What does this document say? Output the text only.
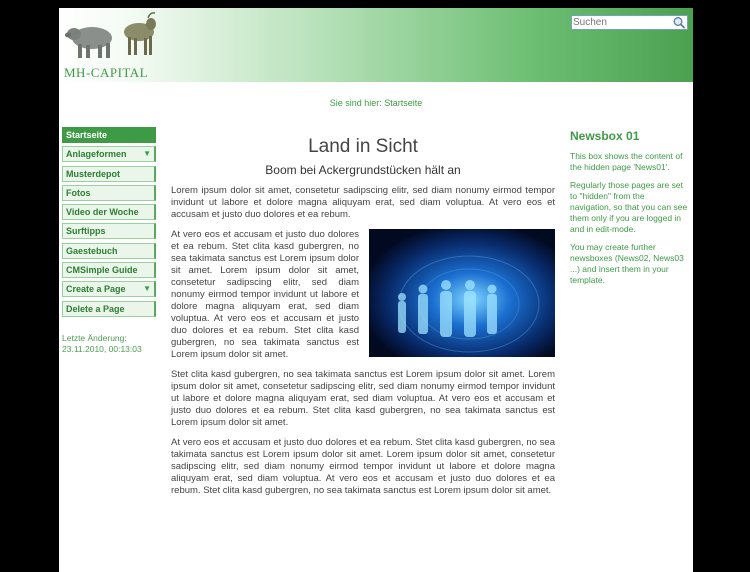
MH-CAPITAL
Suchen
Sie sind hier: Startseite
Startseite
Anlageformen ▼
Musterdepot
Fotos
Video der Woche
Surftipps
Gaestebuch
CMSimple Guide
Create a Page ▼
Delete a Page
Letzte Änderung:
23.11.2010, 00:13:03
Land in Sicht
Boom bei Ackergrundstücken hält an

Lorem ipsum dolor sit amet, consetetur sadipscing elitr, sed diam nonumy eirmod tempor invidunt ut labore et dolore magna aliquyam erat, sed diam voluptua. At vero eos et accusam et justo duo dolores et ea rebum.

At vero eos et accusam et justo duo dolores et ea rebum. Stet clita kasd gubergren, no sea takimata sanctus est Lorem ipsum dolor sit amet. Lorem ipsum dolor sit amet, consetetur sadipscing elitr, sed diam nonumy eirmod tempor invidunt ut labore et dolore magna aliquyam erat, sed diam voluptua. At vero eos et accusam et justo duo dolores et ea rebum. Stet clita kasd gubergren, no sea takimata sanctus est Lorem ipsum dolor sit amet.

Stet clita kasd gubergren, no sea takimata sanctus est Lorem ipsum dolor sit amet. Lorem ipsum dolor sit amet, consetetur sadipscing elitr, sed diam nonumy eirmod tempor invidunt ut labore et dolore magna aliquyam erat, sed diam voluptua. At vero eos et accusam et justo duo dolores et ea rebum. Stet clita kasd gubergren, no sea takimata sanctus est Lorem ipsum dolor sit amet.

At vero eos et accusam et justo duo dolores et ea rebum. Stet clita kasd gubergren, no sea takimata sanctus est Lorem ipsum dolor sit amet. Lorem ipsum dolor sit amet, consetetur sadipscing elitr, sed diam nonumy eirmod tempor invidunt ut labore et dolore magna aliquyam erat, sed diam voluptua. At vero eos et accusam et justo duo dolores et ea rebum. Stet clita kasd gubergren, no sea takimata sanctus est Lorem ipsum dolor sit amet.

Newsbox 01

This box shows the content of the hidden page 'News01'.

Regularly those pages are set to "hidden" from the navigation, so that you can see them only if you are logged in and in edit-mode.

You may create further newsboxes (News02, News03 ...) and insert them in your template.
